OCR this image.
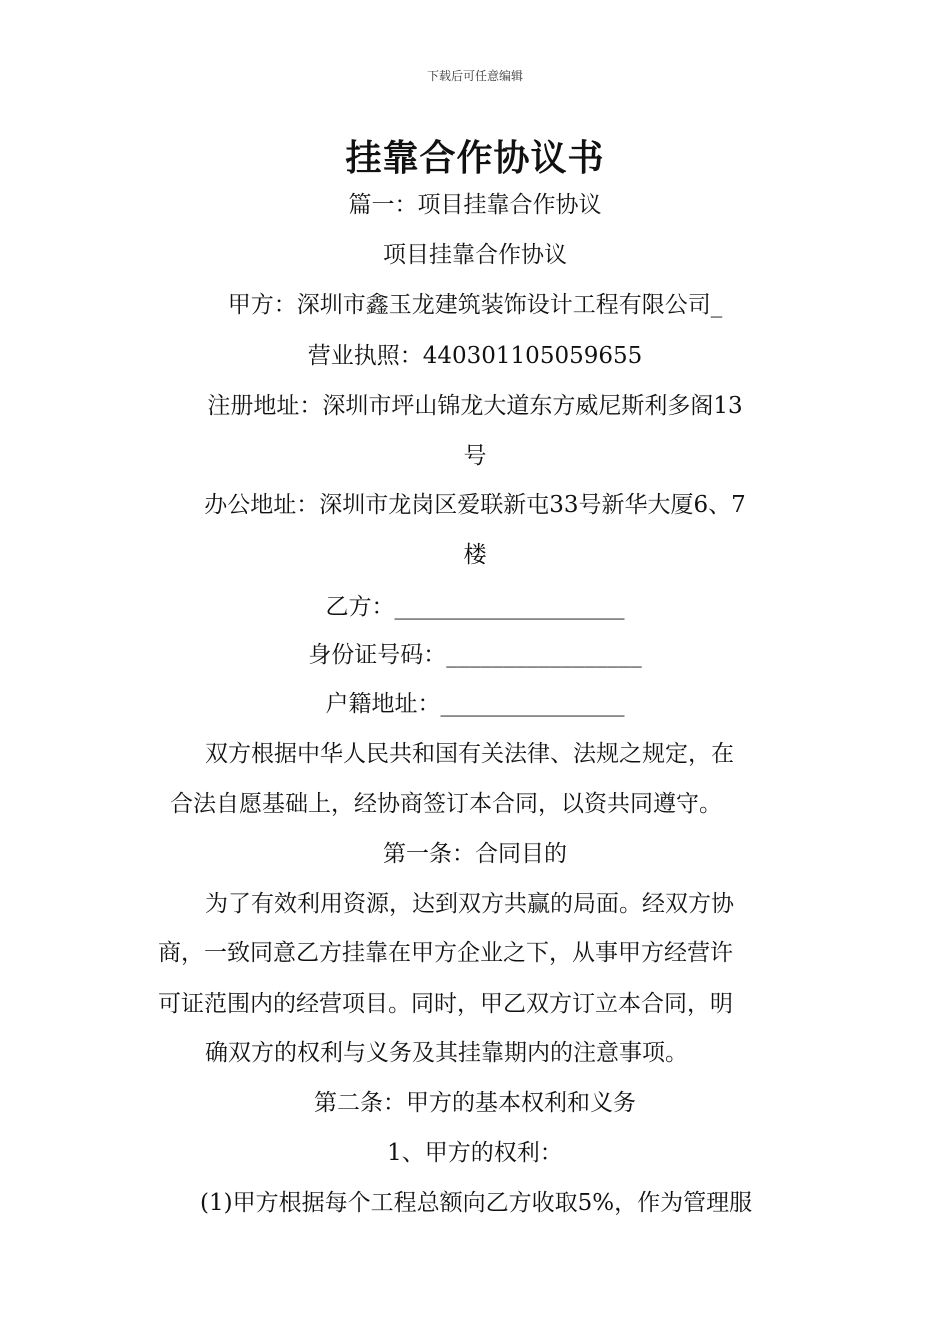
下载后可任意编辑
挂靠合作协议书
篇一：项目挂靠合作协议
项目挂靠合作协议
甲方：深圳市鑫玉龙建筑装饰设计工程有限公司_
营业执照：440301105059655
注册地址：深圳市坪山锦龙大道东方威尼斯利多阁13
号
办公地址：深圳市龙岗区爱联新屯33号新华大厦6、7
楼
乙方：____________________
身份证号码：_________________
户籍地址：________________
双方根据中华人民共和国有关法律、法规之规定，在
合法自愿基础上，经协商签订本合同，以资共同遵守。
第一条：合同目的
为了有效利用资源，达到双方共赢的局面。经双方协
商，一致同意乙方挂靠在甲方企业之下，从事甲方经营许
可证范围内的经营项目。同时，甲乙双方订立本合同，明
确双方的权利与义务及其挂靠期内的注意事项。
第二条：甲方的基本权利和义务
1、甲方的权利：
(1)甲方根据每个工程总额向乙方收取5%，作为管理服
